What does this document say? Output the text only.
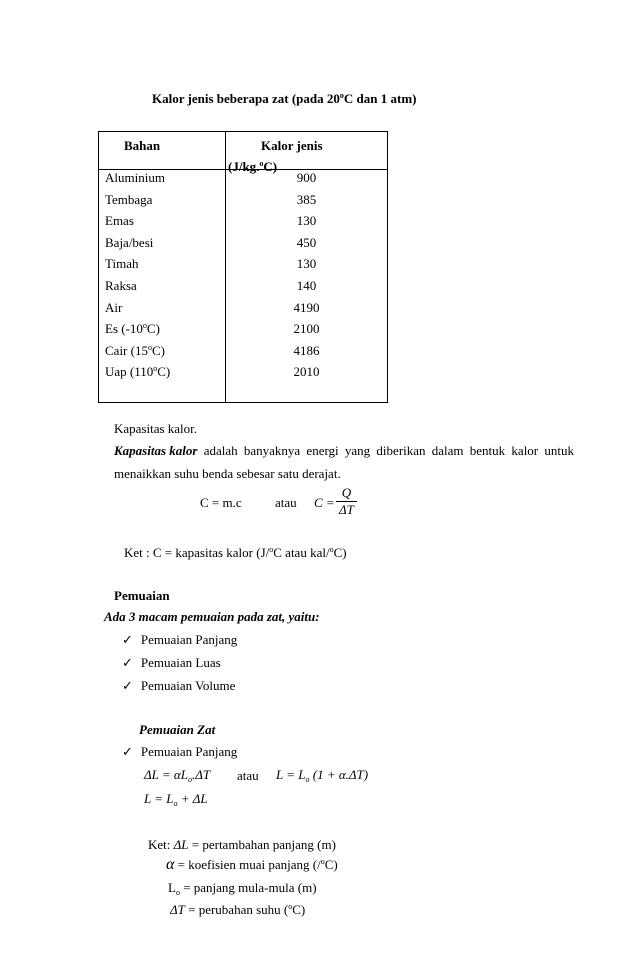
Kalor jenis beberapa zat (pada 20$^o$C dan 1 atm)
Bahan	Kalor jenis
(J/kg.$^o$C)

Aluminium	900
Tembaga	385
Emas	130
Baja/besi	450
Timah	130
Raksa	140
Air	4190
Es (-10$^o$C)	2100
Cair (15$^o$C)	4186
Uap (110$^o$C)	2010

Kapasitas kalor.
Kapasitas kalor adalah banyaknya energi yang diberikan dalam bentuk kalor untuk
menaikkan suhu benda sebesar satu derajat.
C = m.c	atau $C = \frac{Q}{\Delta T}$
Ket : C = kapasitas kalor (J/$^o$C atau kal/$^o$C)
Pemuaian
Ada 3 macam pemuaian pada zat, yaitu:
✓ Pemuaian Panjang
✓ Pemuaian Luas
✓ Pemuaian Volume
Pemuaian Zat
✓ Pemuaian Panjang
$\Delta L = \alpha L_o.\Delta T$ atau $L = L_o$ (1 + α.ΔT)
$L = L_o + \Delta L$
Ket: ΔL = pertambahan panjang (m)
α = koefisien muai panjang (/$^o$C)
$L_o$ = panjang mula-mula (m)
ΔT = perubahan suhu ($^o$C)
